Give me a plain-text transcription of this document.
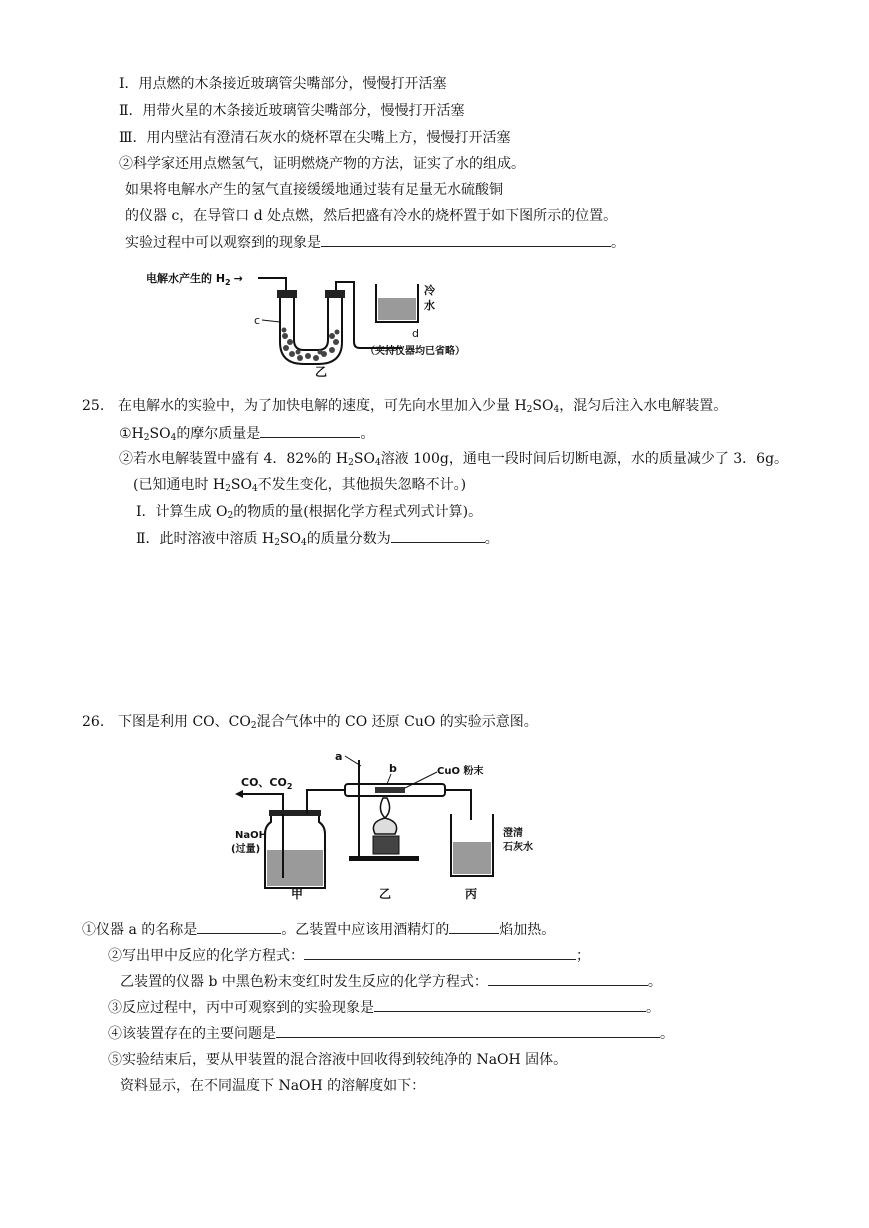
Ⅰ．用点燃的木条接近玻璃管尖嘴部分，慢慢打开活塞
Ⅱ．用带火星的木条接近玻璃管尖嘴部分，慢慢打开活塞
Ⅲ．用内壁沾有澄清石灰水的烧杯罩在尖嘴上方，慢慢打开活塞
②科学家还用点燃氢气，证明燃烧产物的方法，证实了水的组成。
如果将电解水产生的氢气直接缓缓地通过装有足量无水硫酸铜
的仪器 c，在导管口 d 处点燃，然后把盛有冷水的烧杯置于如下图所示的位置。
实验过程中可以观察到的现象是	。
电解水产生的 $H_2$ →
c
d
冷
水
（夹持仪器均已省略）
乙
25. 在电解水的实验中，为了加快电解的速度，可先向水里加入少量 $H_2SO_4$，混匀后注入水电解装置。
$①H_2SO_4$的摩尔质量是	。
②若水电解装置中盛有 4．82%的 $H_2SO_4$溶液 100g，通电一段时间后切断电源，水的质量减少了 3．6g。
(已知通电时 $H_2SO_4$不发生变化，其他损失忽略不计。)
Ⅰ．计算生成 $O_2$的物质的量(根据化学方程式列式计算)。
Ⅱ．此时溶液中溶质 $H_2SO_4$的质量分数为	。
26. 下图是利用 CO、$CO_2$混合气体中的 CO 还原 CuO 的实验示意图。
CO、$CO_2$
NaOH
(过量)
a
b	CuO 粉末
澄清
石灰水
甲	乙	丙
①仪器 a 的名称是	。乙装置中应该用酒精灯的	焰加热。
②写出甲中反应的化学方程式：	；
乙装置的仪器 b 中黑色粉末变红时发生反应的化学方程式：	。
③反应过程中，丙中可观察到的实验现象是	。
④该装置存在的主要问题是	。
⑤实验结束后，要从甲装置的混合溶液中回收得到较纯净的 NaOH 固体。
资料显示，在不同温度下 NaOH 的溶解度如下：
